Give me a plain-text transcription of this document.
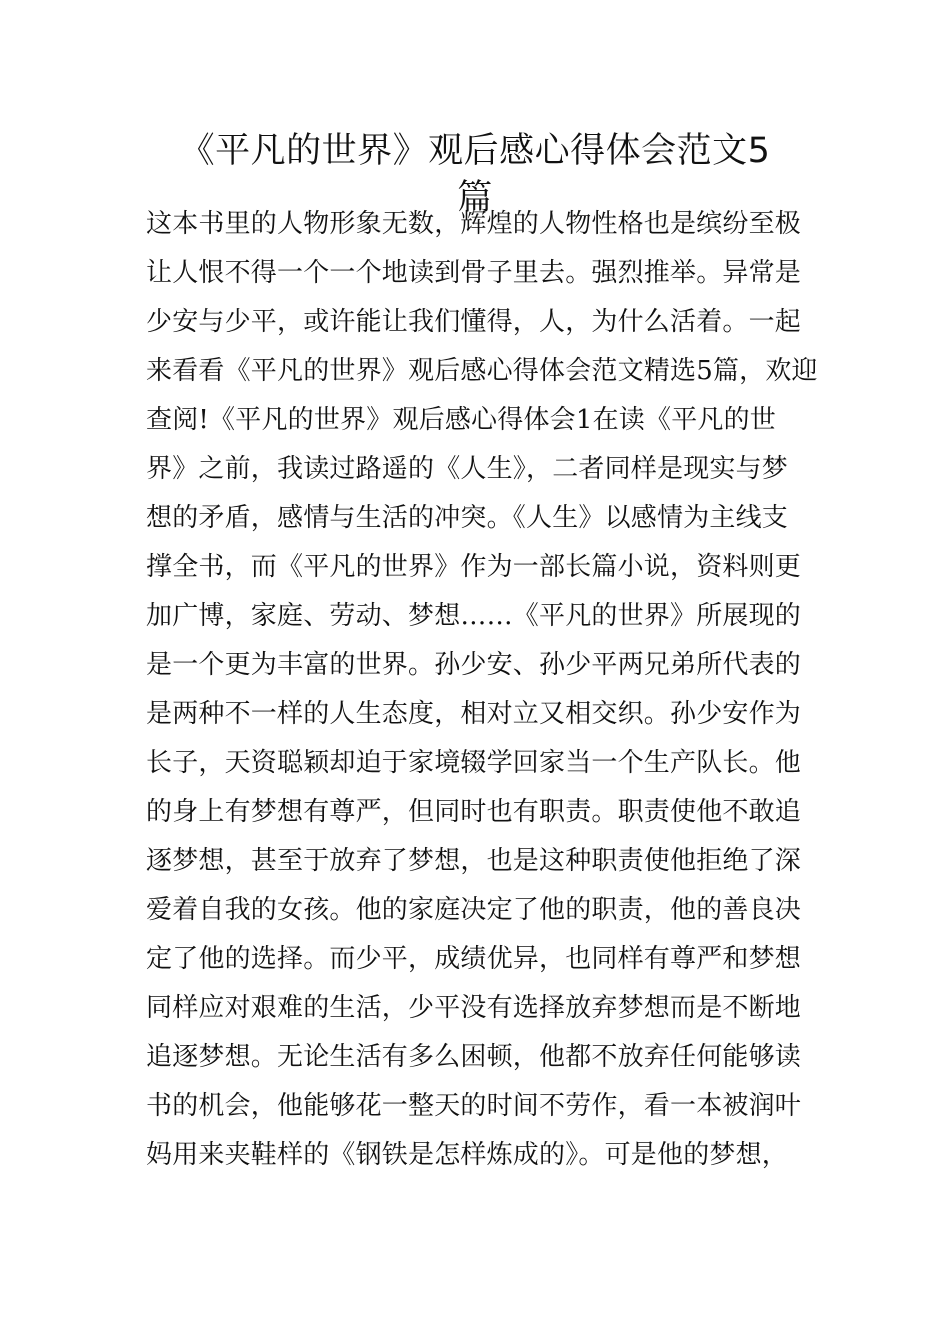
《平凡的世界》观后感心得体会范文5
篇
这本书里的人物形象无数，辉煌的人物性格也是缤纷至极
让人恨不得一个一个地读到骨子里去。强烈推举。异常是
少安与少平，或许能让我们懂得，人，为什么活着。一起
来看看《平凡的世界》观后感心得体会范文精选5篇，欢迎
查阅!《平凡的世界》观后感心得体会1在读《平凡的世
界》之前，我读过路遥的《人生》，二者同样是现实与梦
想的矛盾，感情与生活的冲突。《人生》以感情为主线支
撑全书，而《平凡的世界》作为一部长篇小说，资料则更
加广博，家庭、劳动、梦想……《平凡的世界》所展现的
是一个更为丰富的世界。孙少安、孙少平两兄弟所代表的
是两种不一样的人生态度，相对立又相交织。孙少安作为
长子，天资聪颖却迫于家境辍学回家当一个生产队长。他
的身上有梦想有尊严，但同时也有职责。职责使他不敢追
逐梦想，甚至于放弃了梦想，也是这种职责使他拒绝了深
爱着自我的女孩。他的家庭决定了他的职责，他的善良决
定了他的选择。而少平，成绩优异，也同样有尊严和梦想
同样应对艰难的生活，少平没有选择放弃梦想而是不断地
追逐梦想。无论生活有多么困顿，他都不放弃任何能够读
书的机会，他能够花一整天的时间不劳作，看一本被润叶
妈用来夹鞋样的《钢铁是怎样炼成的》。可是他的梦想，
